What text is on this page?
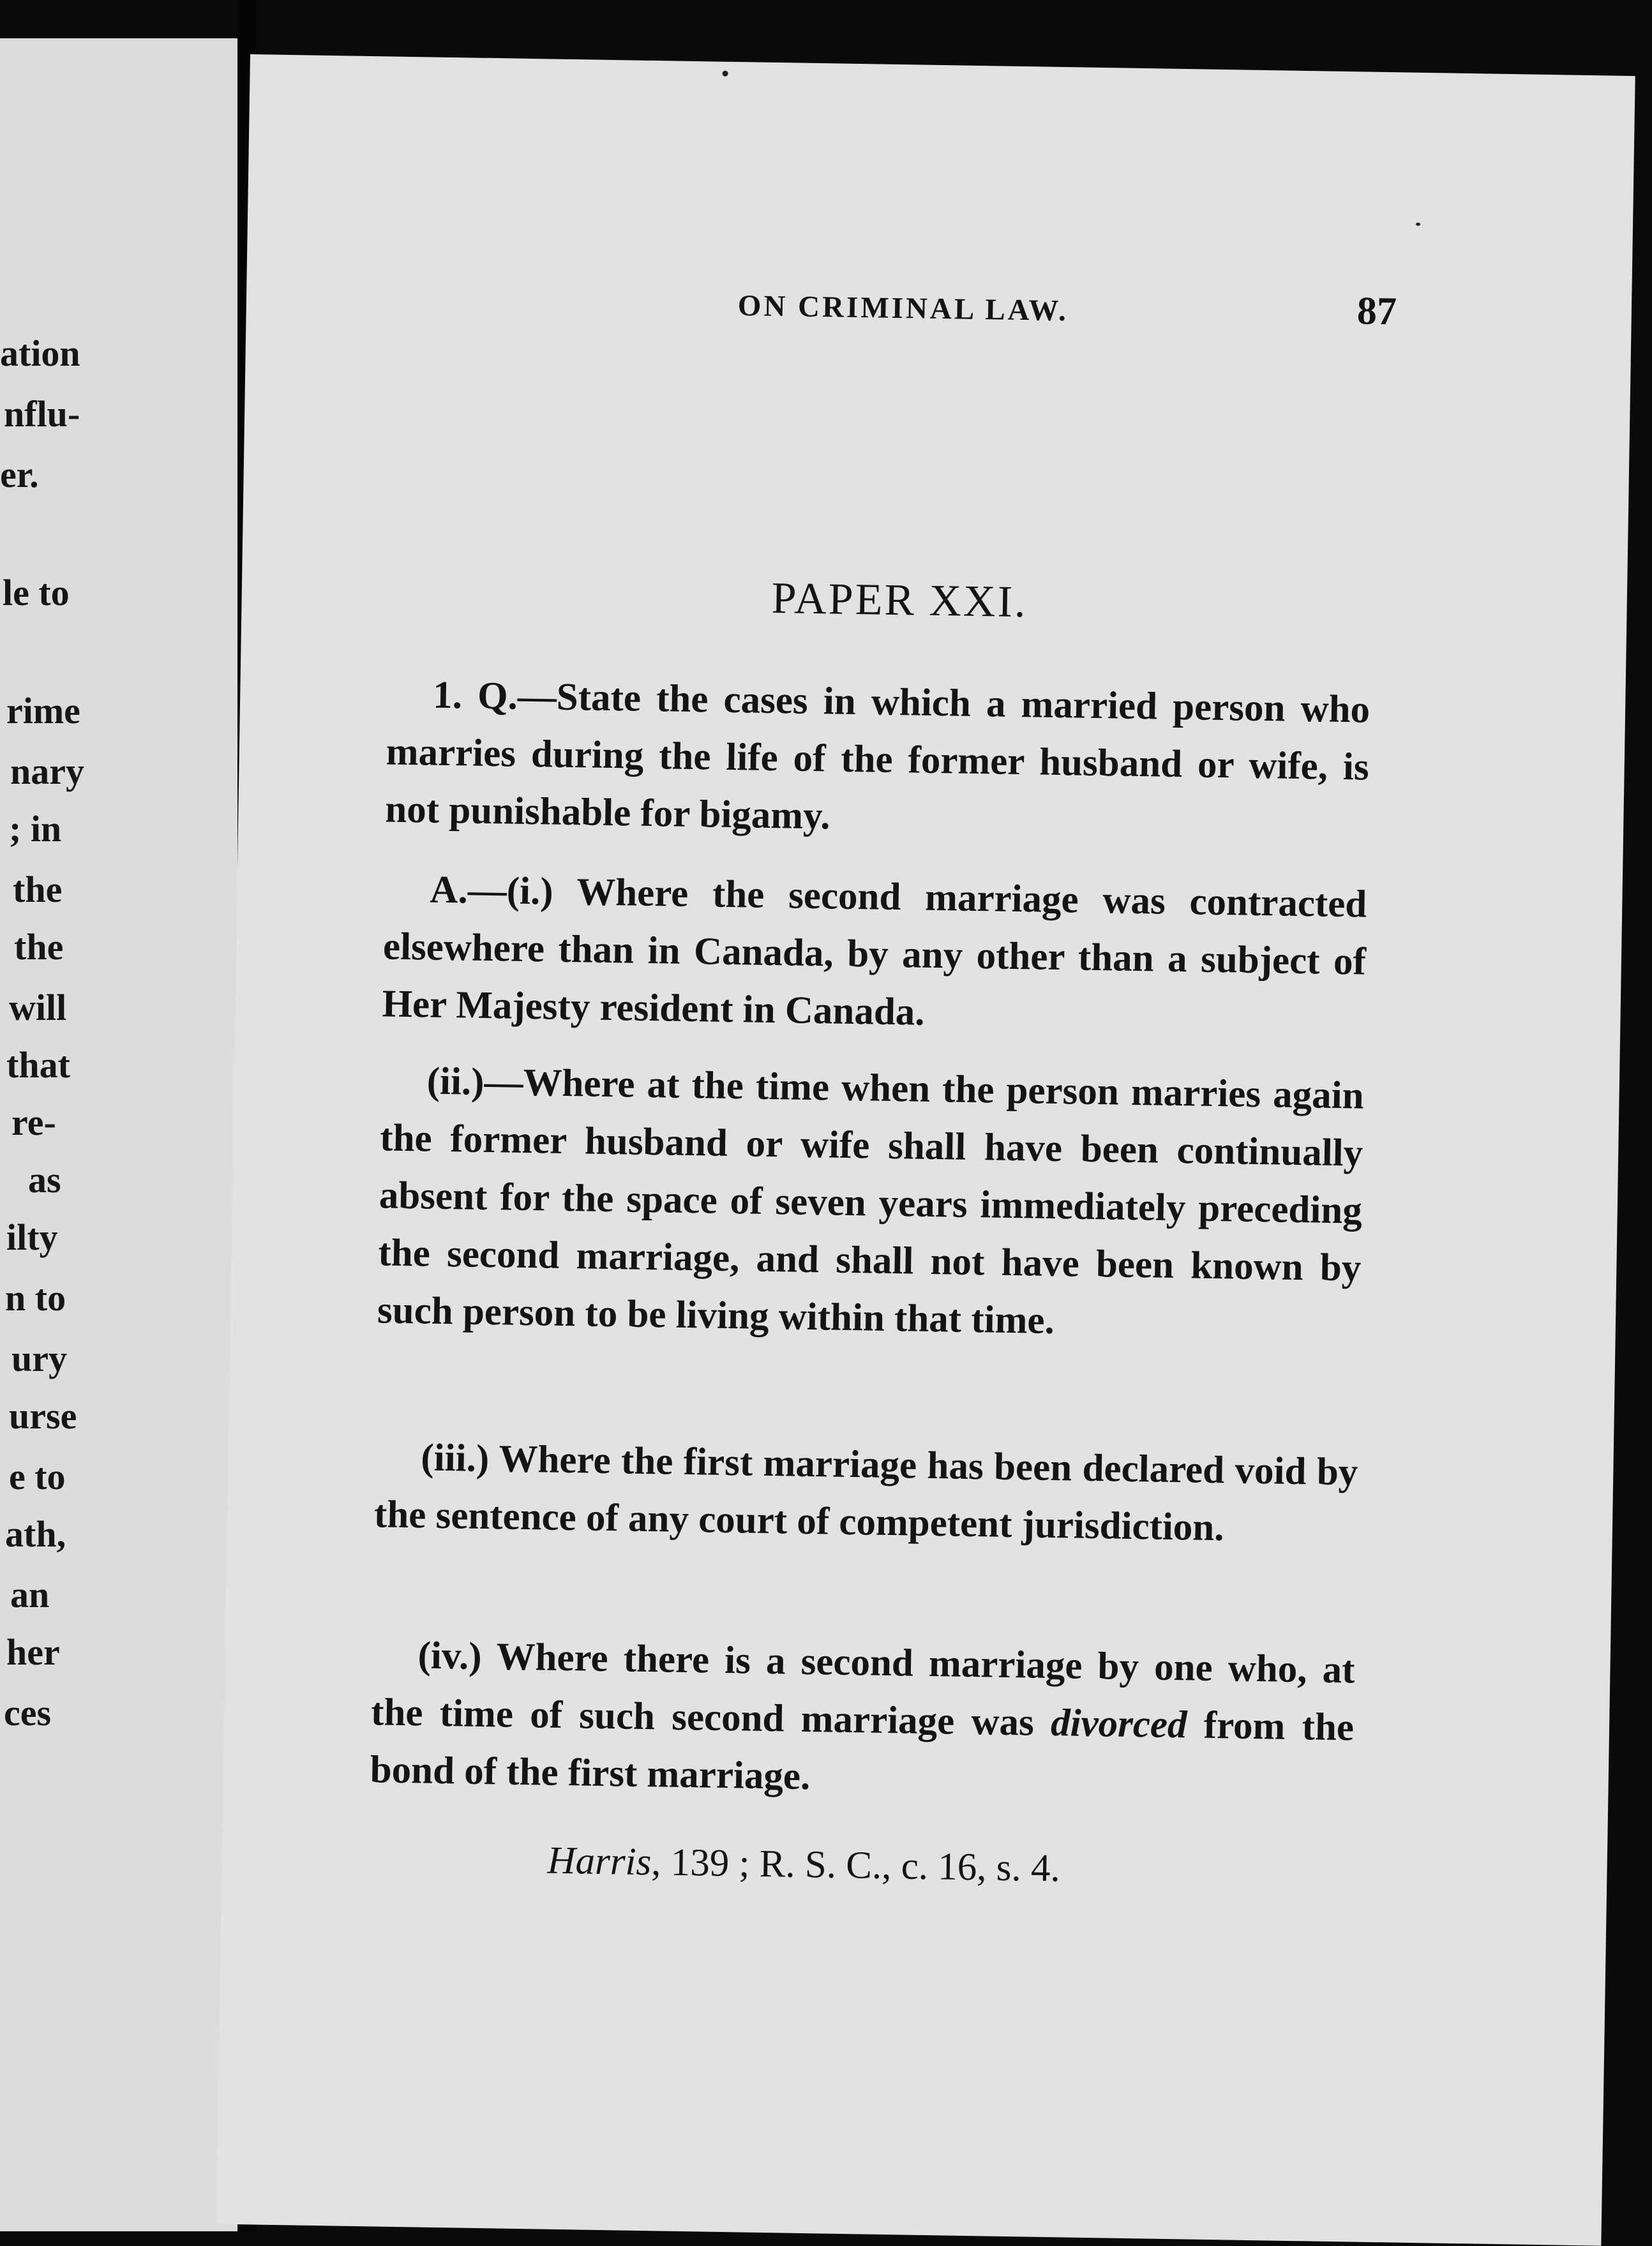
ation
nflu-
er.
le to
rime
nary
; in
the
the
will
that
re-
as
ilty
n to
ury
urse
e to
ath,
an
her
ces
ON CRIMINAL LAW.	87
PAPER XXI.
1. Q.—State the cases in which a married person who marries during the life of the former husband or wife, is not punishable for bigamy.
A.—(i.) Where the second marriage was contracted elsewhere than in Canada, by any other than a subject of Her Majesty resident in Canada.
(ii.)—Where at the time when the person marries again the former husband or wife shall have been continually absent for the space of seven years immediately preceding the second marriage, and shall not have been known by such person to be living within that time.
(iii.) Where the first marriage has been declared void by the sentence of any court of competent jurisdiction.
(iv.) Where there is a second marriage by one who, at the time of such second marriage was divorced from the bond of the first marriage.
Harris, 139 ; R. S. C., c. 16, s. 4.
